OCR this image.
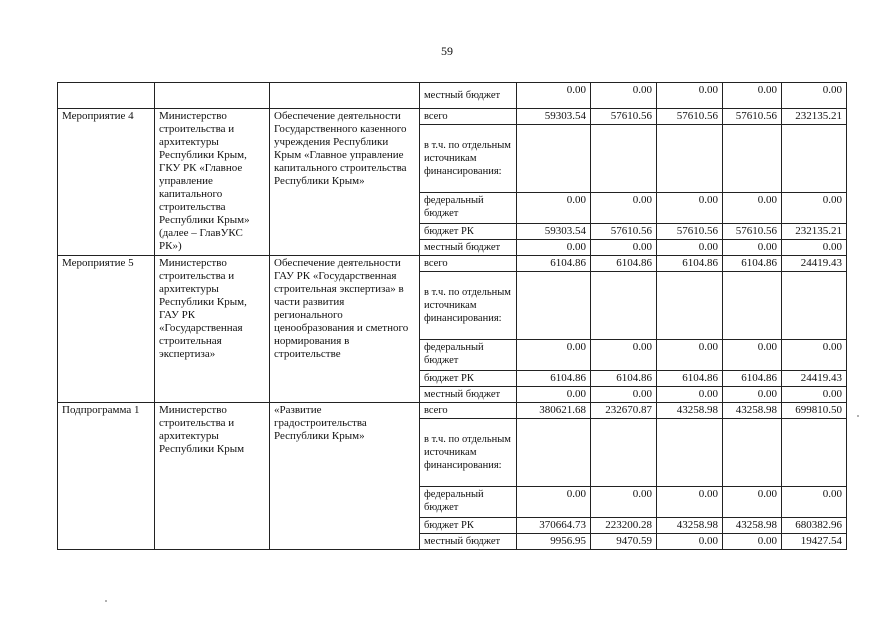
59
			местный бюджет	0.00	0.00	0.00	0.00	0.00
Мероприятие 4	Министерство строительства и архитектуры Республики Крым, ГКУ РК «Главное управление капитального строительства Республики Крым» (далее – ГлавУКС РК»)	Обеспечение деятельности Государственного казенного учреждения Республики Крым «Главное управление капитального строительства Республики Крым»	всего	59303.54	57610.56	57610.56	57610.56	232135.21
			в т.ч. по отдельным источникам финансирования:					
			федеральный бюджет	0.00	0.00	0.00	0.00	0.00
			бюджет РК	59303.54	57610.56	57610.56	57610.56	232135.21
			местный бюджет	0.00	0.00	0.00	0.00	0.00
Мероприятие 5	Министерство строительства и архитектуры Республики Крым, ГАУ РК «Государственная строительная экспертиза»	Обеспечение деятельности ГАУ РК «Государственная строительная экспертиза» в части развития регионального ценообразования и сметного нормирования в строительстве	всего	6104.86	6104.86	6104.86	6104.86	24419.43
			в т.ч. по отдельным источникам финансирования:					
			федеральный бюджет	0.00	0.00	0.00	0.00	0.00
			бюджет РК	6104.86	6104.86	6104.86	6104.86	24419.43
			местный бюджет	0.00	0.00	0.00	0.00	0.00
Подпрограмма 1	Министерство строительства и архитектуры Республики Крым	«Развитие градостроительства Республики Крым»	всего	380621.68	232670.87	43258.98	43258.98	699810.50
			в т.ч. по отдельным источникам финансирования:					
			федеральный бюджет	0.00	0.00	0.00	0.00	0.00
			бюджет РК	370664.73	223200.28	43258.98	43258.98	680382.96
			местный бюджет	9956.95	9470.59	0.00	0.00	19427.54
